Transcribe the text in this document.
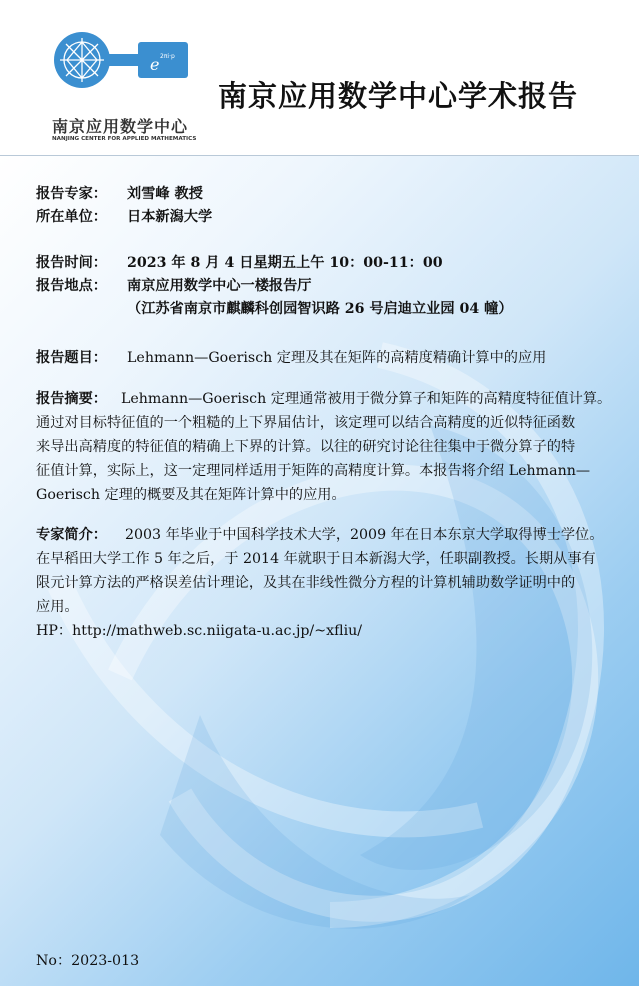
e 2πi·p
南京应用数学中心
NANJING CENTER FOR APPLIED MATHEMATICS
南京应用数学中心学术报告
报告专家：	刘雪峰 教授
所在单位：	日本新潟大学
报告时间：	2023 年 8 月 4 日星期五上午 10：00-11：00
报告地点：	南京应用数学中心一楼报告厅
（江苏省南京市麒麟科创园智识路 26 号启迪立业园 04 幢）
报告题目：	Lehmann—Goerisch 定理及其在矩阵的高精度精确计算中的应用
报告摘要： Lehmann—Goerisch 定理通常被用于微分算子和矩阵的高精度特征值计算。
通过对目标特征值的一个粗糙的上下界届估计，该定理可以结合高精度的近似特征函数
来导出高精度的特征值的精确上下界的计算。以往的研究讨论往往集中于微分算子的特
征值计算，实际上，这一定理同样适用于矩阵的高精度计算。本报告将介绍 Lehmann—
Goerisch 定理的概要及其在矩阵计算中的应用。
专家简介： 2003 年毕业于中国科学技术大学，2009 年在日本东京大学取得博士学位。
在早稻田大学工作 5 年之后，于 2014 年就职于日本新潟大学，任职副教授。长期从事有
限元计算方法的严格误差估计理论，及其在非线性微分方程的计算机辅助数学证明中的
应用。
HP：http://mathweb.sc.niigata-u.ac.jp/~xfliu/
No：2023-013
